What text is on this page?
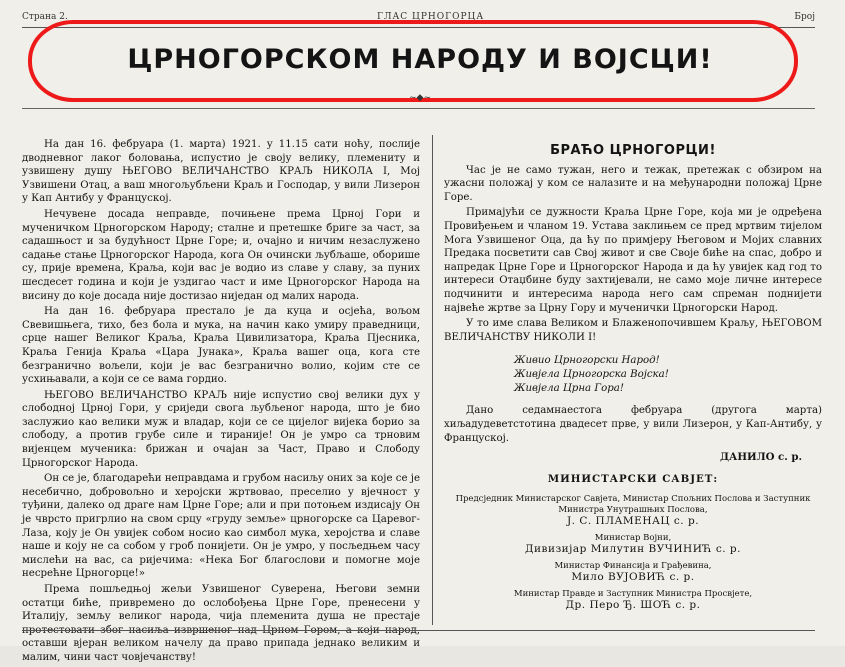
Страна 2.	ГЛАС ЦРНОГОРЦА	Број
ЦРНОГОРСКОМ НАРОДУ И ВОЈСЦИ!
~◆~

На дан 16. фебруара (1. марта) 1921. у 11.15 сати ноћу, послије дводневног лаког боловања, испустио је своју велику, племениту и узвишену душу ЊЕГОВО ВЕЛИЧАНСТВО КРАЉ НИКОЛА I, Мој Узвишени Отац, а ваш многољубљени Краљ и Господар, у вили Лизерон у Кап Антибу у Француској.

Нечувене досада неправде, почињене према Црној Гори и мученичком Црногорском Народу; сталне и претешке бриге за част, за садашњост и за будућност Црне Горе; и, очајно и ничим незаслужено садање стање Црногорског Народа, кога Он очински љубљаше, оборише су, прије времена, Краља, који вас је водио из славе у славу, за пуних шесдесет година и који је уздигао част и име Црногорског Народа на висину до које досада није достизао ниједан од малих народа.

На дан 16. фебруара престало је да куца и осјећа, вољом Свевишњега, тихо, без бола и мука, на начин како умиру праведници, срце нашег Великог Краља, Краља Цивилизатора, Краља Пјесника, Краља Генија Краља «Цара Јунака», Краља вашег оца, кога сте безгранично вољели, који је вас безгранично волио, којим сте се усхињавали, а који се се вама гордио.

ЊЕГОВО ВЕЛИЧАНСТВО КРАЉ није испустио свој велики дух у слободној Црној Гори, у сриједи свога љубљеног народа, што је био заслужио као велики муж и владар, који се се цијелог вијека борио за слободу, а против грубе силе и тираније! Он је умро са трновим вијенцем мученика: брижан и очајан за Част, Право и Слободу Црногорског Народа.

Он се је, благодарећи неправдама и грубом насиљу оних за које се је несебично, добровољно и херојски жртвовао, преселио у вјечност у туђини, далеко од драге нам Црне Горе; али и при потоњем издисају Он је чврсто пригрлио на свом срцу «груду земље» црногорске са Царевог-Лаза, коју је Он увијек собом носио као симбол мука, херојства и славе наше и коју не са собом у гроб понијети. Он је умро, у посљедњем часу мислећи на вас, са ријечима: «Нека Бог благослови и помогне моје несрећне Црногорце!»

Према пошљедњој жељи Узвишеног Суверена, Његови земни остатци биће, привремено до ослобођења Црне Горе, пренесени у Италију, земљу великог народа, чија племенита душа не престаје протестовати због насиља извршеног над Црном Гором, а који народ, оставши вјеран великом начелу да право припада једнако великим и малим, чини част човјечанству!

БРАЋО ЦРНОГОРЦИ!

Час је не само тужан, него и тежак, претежак с обзиром на ужасни положај у ком се налазите и на међународни положај Црне Горе.

Примајући се дужности Краља Црне Горе, која ми је одређена Провиђењем и чланом 19. Устава заклињем се пред мртвим тијелом Мога Узвишеног Оца, да ћу по примјеру Његовом и Мојих славних Предака посветити сав Свој живот и све Своје биће на спас, добро и напредак Црне Горе и Црногорског Народа и да ћу увијек кад год то интереси Отаџбине буду захтијевали, не само моје личне интересе подчинити и интересима народа него сам спреман поднијети највеће жртве за Црну Гору и мученички Црногорски Народ.

У то име слава Великом и Блаженопочившем Краљу, ЊЕГОВОМ ВЕЛИЧАНСТВУ НИКОЛИ I!

Живио Црногорски Народ!
Живјела Црногорска Војска!
Живјела Црна Гора!

Дано седамнаестога фебруара (другога марта) хиљадудеветстотина двадесет прве, у вили Лизерон, у Кап-Антибу, у Француској.

ДАНИЛО с. р.
МИНИСТАРСКИ САВЈЕТ:
Предсједник Министарског Савјета, Министар Спољних Послова и Заступник Министра Унутрашњих Послова,
Ј. С. ПЛАМЕНАЦ с. р.
Министар Војни,
Дивизијар Милутин ВУЧИНИЋ с. р.
Министар Финансија и Грађевина,
Мило ВУЈОВИЋ с. р.
Министар Правде и Заступник Министра Просвјете,
Др. Перо Ђ. ШОЋ с. р.
